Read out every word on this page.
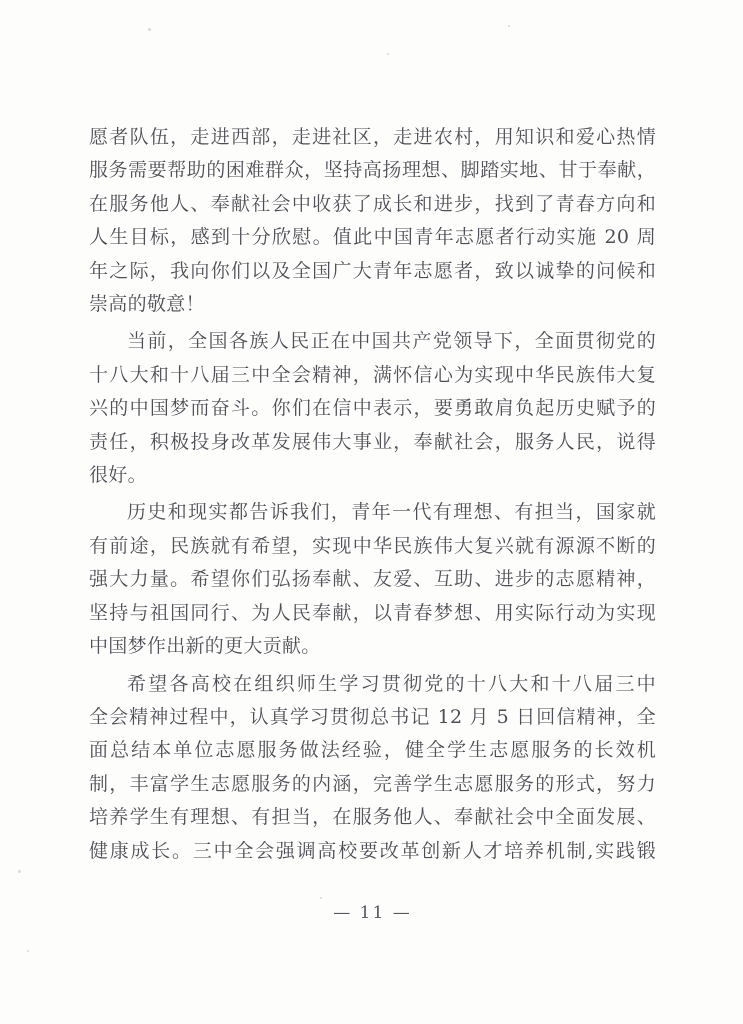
愿者队伍，走进西部，走进社区，走进农村，用知识和爱心热情
服务需要帮助的困难群众，坚持高扬理想、脚踏实地、甘于奉献，
在服务他人、奉献社会中收获了成长和进步，找到了青春方向和
人生目标，感到十分欣慰。值此中国青年志愿者行动实施 20 周
年之际，我向你们以及全国广大青年志愿者，致以诚挚的问候和
崇高的敬意！
当前，全国各族人民正在中国共产党领导下，全面贯彻党的
十八大和十八届三中全会精神，满怀信心为实现中华民族伟大复
兴的中国梦而奋斗。你们在信中表示，要勇敢肩负起历史赋予的
责任，积极投身改革发展伟大事业，奉献社会，服务人民，说得
很好。
历史和现实都告诉我们，青年一代有理想、有担当，国家就
有前途，民族就有希望，实现中华民族伟大复兴就有源源不断的
强大力量。希望你们弘扬奉献、友爱、互助、进步的志愿精神，
坚持与祖国同行、为人民奉献，以青春梦想、用实际行动为实现
中国梦作出新的更大贡献。
希望各高校在组织师生学习贯彻党的十八大和十八届三中
全会精神过程中，认真学习贯彻总书记 12 月 5 日回信精神，全
面总结本单位志愿服务做法经验，健全学生志愿服务的长效机
制，丰富学生志愿服务的内涵，完善学生志愿服务的形式，努力
培养学生有理想、有担当，在服务他人、奉献社会中全面发展、
健康成长。三中全会强调高校要改革创新人才培养机制,实践锻
— 11 —
